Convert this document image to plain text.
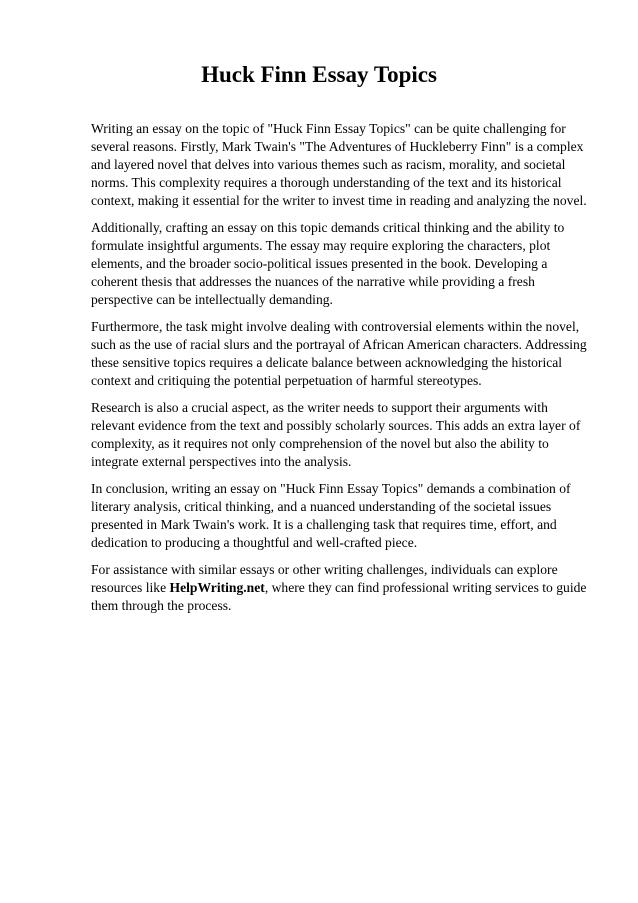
Huck Finn Essay Topics

Writing an essay on the topic of "Huck Finn Essay Topics" can be quite challenging for several reasons. Firstly, Mark Twain's "The Adventures of Huckleberry Finn" is a complex and layered novel that delves into various themes such as racism, morality, and societal norms. This complexity requires a thorough understanding of the text and its historical context, making it essential for the writer to invest time in reading and analyzing the novel.

Additionally, crafting an essay on this topic demands critical thinking and the ability to formulate insightful arguments. The essay may require exploring the characters, plot elements, and the broader socio-political issues presented in the book. Developing a coherent thesis that addresses the nuances of the narrative while providing a fresh perspective can be intellectually demanding.

Furthermore, the task might involve dealing with controversial elements within the novel, such as the use of racial slurs and the portrayal of African American characters. Addressing these sensitive topics requires a delicate balance between acknowledging the historical context and critiquing the potential perpetuation of harmful stereotypes.

Research is also a crucial aspect, as the writer needs to support their arguments with relevant evidence from the text and possibly scholarly sources. This adds an extra layer of complexity, as it requires not only comprehension of the novel but also the ability to integrate external perspectives into the analysis.

In conclusion, writing an essay on "Huck Finn Essay Topics" demands a combination of literary analysis, critical thinking, and a nuanced understanding of the societal issues presented in Mark Twain's work. It is a challenging task that requires time, effort, and dedication to producing a thoughtful and well-crafted piece.

For assistance with similar essays or other writing challenges, individuals can explore resources like HelpWriting.net, where they can find professional writing services to guide them through the process.
